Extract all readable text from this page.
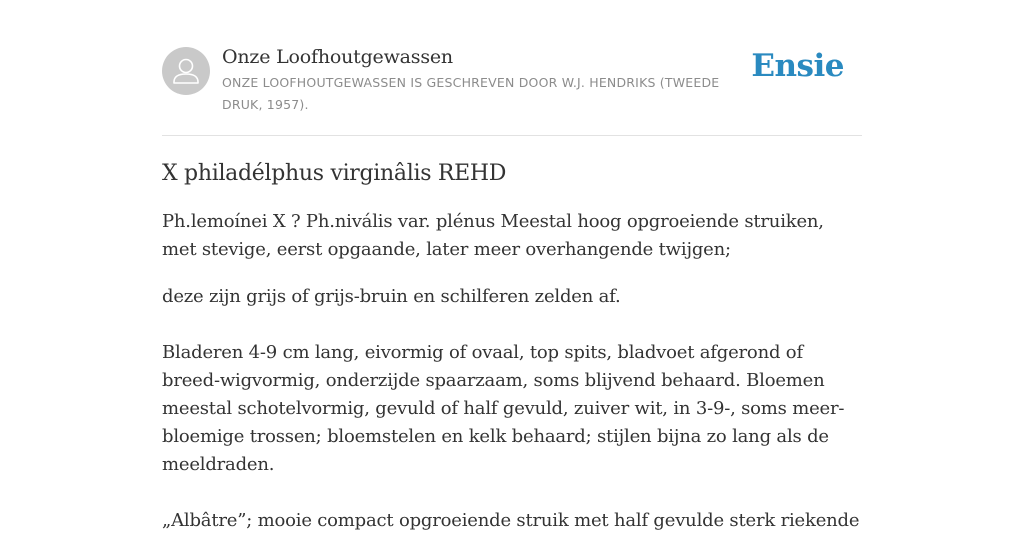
Onze Loofhoutgewassen
ONZE LOOFHOUTGEWASSEN IS GESCHREVEN DOOR W.J. HENDRIKS (TWEEDE DRUK, 1957).
Ensie
X philadélphus virginâlis REHD

Ph.lemoínei X ? Ph.nivális var. plénus Meestal hoog opgroeiende struiken, met stevige, eerst opgaande, later meer overhangende twijgen;

deze zijn grijs of grijs-bruin en schilferen zelden af.

Bladeren 4-9 cm lang, eivormig of ovaal, top spits, bladvoet afgerond of breed-wigvormig, onderzijde spaarzaam, soms blijvend behaard. Bloemen meestal schotelvormig, gevuld of half gevuld, zuiver wit, in 3-9-, soms meer-bloemige trossen; bloemstelen en kelk behaard; stijlen bijna zo lang als de meeldraden.

„Albâtre”; mooie compact opgroeiende struik met half gevulde sterk riekende
